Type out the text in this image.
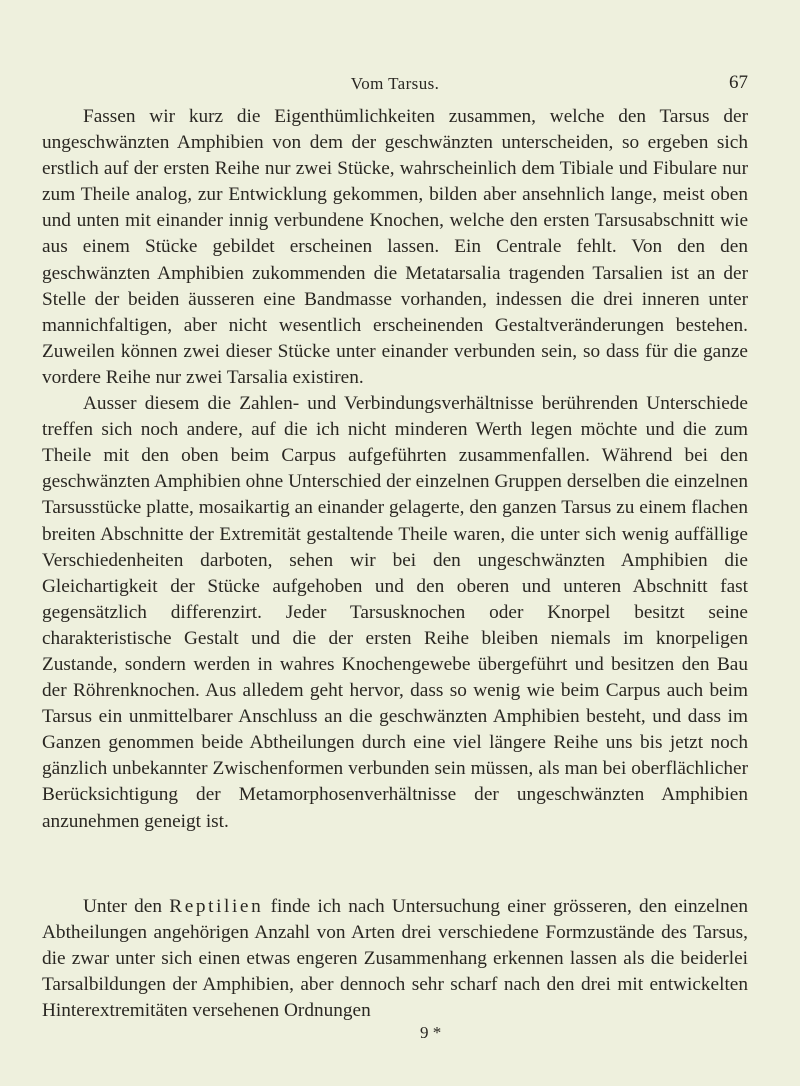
Vom Tarsus.	67

Fassen wir kurz die Eigenthümlichkeiten zusammen, welche den Tarsus der ungeschwänzten Amphibien von dem der geschwänzten unterscheiden, so ergeben sich erstlich auf der ersten Reihe nur zwei Stücke, wahrscheinlich dem Tibiale und Fibulare nur zum Theile analog, zur Entwicklung gekommen, bilden aber ansehnlich lange, meist oben und unten mit einander innig verbundene Knochen, welche den ersten Tarsusabschnitt wie aus einem Stücke gebildet erscheinen lassen. Ein Centrale fehlt. Von den den geschwänzten Amphibien zukommenden die Metatarsalia tragenden Tarsalien ist an der Stelle der beiden äusseren eine Bandmasse vorhanden, indessen die drei inneren unter mannichfaltigen, aber nicht wesentlich erscheinenden Gestaltveränderungen bestehen. Zuweilen können zwei dieser Stücke unter einander verbunden sein, so dass für die ganze vordere Reihe nur zwei Tarsalia existiren.

Ausser diesem die Zahlen- und Verbindungsverhältnisse berührenden Unterschiede treffen sich noch andere, auf die ich nicht minderen Werth legen möchte und die zum Theile mit den oben beim Carpus aufgeführten zusammenfallen. Während bei den geschwänzten Amphibien ohne Unterschied der einzelnen Gruppen derselben die einzelnen Tarsusstücke platte, mosaikartig an einander gelagerte, den ganzen Tarsus zu einem flachen breiten Abschnitte der Extremität gestaltende Theile waren, die unter sich wenig auffällige Verschiedenheiten darboten, sehen wir bei den ungeschwänzten Amphibien die Gleichartigkeit der Stücke aufgehoben und den oberen und unteren Abschnitt fast gegensätzlich differenzirt. Jeder Tarsusknochen oder Knorpel besitzt seine charakteristische Gestalt und die der ersten Reihe bleiben niemals im knorpeligen Zustande, sondern werden in wahres Knochengewebe übergeführt und besitzen den Bau der Röhrenknochen. Aus alledem geht hervor, dass so wenig wie beim Carpus auch beim Tarsus ein unmittelbarer Anschluss an die geschwänzten Amphibien besteht, und dass im Ganzen genommen beide Abtheilungen durch eine viel längere Reihe uns bis jetzt noch gänzlich unbekannter Zwischenformen verbunden sein müssen, als man bei oberflächlicher Berücksichtigung der Metamorphosenverhältnisse der ungeschwänzten Amphibien anzunehmen geneigt ist.

Unter den Reptilien finde ich nach Untersuchung einer grösseren, den einzelnen Abtheilungen angehörigen Anzahl von Arten drei verschiedene Formzustände des Tarsus, die zwar unter sich einen etwas engeren Zusammenhang erkennen lassen als die beiderlei Tarsalbildungen der Amphibien, aber dennoch sehr scharf nach den drei mit entwickelten Hinterextremitäten versehenen Ordnungen

9 *
